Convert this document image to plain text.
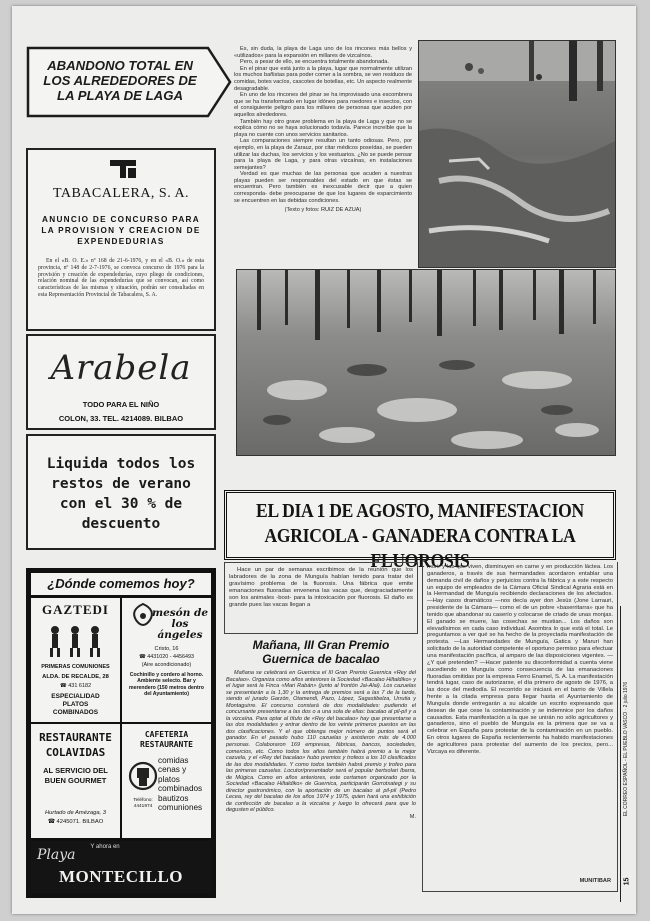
ABANDONO TOTAL EN LOS ALREDEDORES DE LA PLAYA DE LAGA
Es, sin duda, la playa de Laga uno de los rincones más bellos y «utilizados» para la expansión en millares de vizcaínos.
Pero, a pesar de ello, se encuentra totalmente abandonada.
En el pinar que está junto a la playa, lugar que normalmente utilizan los muchos bañistas para poder comer a la sombra, se ven residuos de comidas, botes vacíos, cascotes de botellas, etc. Un aspecto realmente desagradable.
En uno de los rincones del pinar se ha improvisado una escombrera que se ha transformado en lugar idóneo para roedores e insectos, con el consiguiente peligro para los millares de personas que acuden por aquellos alrededores.
También hay otro grave problema en la playa de Laga y que no se explica cómo no se haya solucionado todavía. Parece increíble que la playa no cuente con unos servicios sanitarios.
Las comparaciones siempre resultan un tanto odiosas. Pero, por ejemplo, en la playa de Zarauz, por citar médicos poseídas, se pueden utilizar las duchas, los servicios y los vestuarios. ¿No se puede pensar para la playa de Laga, y para otras vizcaínas, en instalaciones semejantes?
Verdad es que muchas de las personas que acuden a nuestras playas pueden ser responsables del estado en que éstas se encuentran. Pero también es inexcusable decir que a quien corresponda- debe preocuparse de que los lugares de esparcimiento se encuentren en las debidas condiciones.
(Texto y fotos: RUIZ DE AZUA)
TABACALERA, S. A.
ANUNCIO DE CONCURSO PARA LA PROVISION Y CREACION DE EXPENDEDURIAS
En el «B. O. E.» nº 168 de 21-6-1976, y en el «B. O.» de esta provincia, nº 148 de 2-7-1976, se convoca concurso de 1976 para la provisión y creación de expendedurías, cuyo pliego de condiciones, relación nominal de las expendedurías que se convocan, así como características de las mismas y situación, podrán ser consultadas en esta Representación Provincial de Tabacalera, S. A.
Arabela
TODO PARA EL NIÑO
COLON, 33. TEL. 4214089. BILBAO
Liquida todos los restos de verano con el 30 % de descuento
¿Dónde comemos hoy?
GAZTEDI
PRIMERAS COMUNIONES
ALDA. DE RECALDE, 28
☎ 431 6182
ESPECIALIDAD PLATOS COMBINADOS
mesón de los ángeles
Cristo, 16
☎ 4431020 - 4456493
(Aire acondicionado)
Cochinillo y cordero al horno. Ambiente selecto. Bar y merendero (150 metros dentro del Ayuntamiento)
RESTAURANTE COLAVIDAS
AL SERVICIO DEL BUEN GOURMET
Hurtado de Amézaga, 3
☎ 4245071. BILBAO
CAFETERIA RESTAURANTE
comidas cenas y platos combinados bautizos comuniones
Teléfono: 4441974
Y ahora en
Playa
MONTECILLO
EL DIA 1 DE AGOSTO, MANIFESTACION AGRICOLA - GANADERA CONTRA LA FLUOROSIS
Hace un par de semanas escribimos de la reunión que los labradores de la zona de Munguía habían tenido para tratar del gravísimo problema de la fluorosis. Una fábrica que emite emanaciones fluoradas envenena las vacas que, desgraciadamente son los animales -bost- para la intoxicación por fluorosis. El daño es grande pues las vacas llegan a
Mañana, III Gran Premio Guernica de bacalao
Mañana se celebrará en Guernica el III Gran Premio Guernica «Rey del Bacalao». Organiza como años anteriores la Sociedad «Bacalao Hiltaldiko» y el lugar será la Finca «Mari Rabán» (junto al frontón Jai-Alai). Los cazuelas se presentarán a la 1,30 y la entrega de premios será a las 7 de la tarde, siendo el jurado Garzón, Otamendi, Pazo, López, Sagastibelza, Urrutia y Montaguirre. El concurso constará de dos modalidades: pudiendo el concursante presentarse a las dos o a una sola de ellas: bacalao al pil-pil y a la vizcaína. Para optar al título de «Rey del bacalao» hay que presentarse a las dos modalidades y entrar dentro de los veinte primeros puestos en las dos clasificaciones. Y el que obtenga mejor número de puntos será el ganador. En el pasado hubo 110 cazuelas y asistieron más de 4.000 personas. Colaboraron 169 empresas, fábricas, bancos, sociedades, comercios, etc. Como todos los años también habrá premio a la mejor cazuela, y el «Rey del bacalao» hubo premios y trofeos a los 10 clasificados de las dos modalidades. Y como todos también habrá premio y trofeo para las primeras cazuelas. Locutor/presentador será el popular bertsolari Ibarra, de Múgica. Como en años anteriores, este certamen organizado por la Sociedad «Bacalao Hiltaldiko» de Guernica, participarán Gorrotxategi y su director gastronómico, con la aportación de un bacalao al pil-pil (Pedro Lecea, rey del bacalao de los años 1974 y 1975, quien hará una exhibición de confección de bacalao a la vizcaína y luego lo ofrecerá para que lo degusten el público.
M.
morir y las que viven, disminuyen en carne y en producción láctea. Los ganaderos, a través de sus hermandades acordaron entablar una demanda civil de daños y perjuicios contra la fábrica y a este respecto un equipo de empleados de la Cámara Oficial Sindical Agraria está en la Hermandad de Munguía recibiendo declaraciones de los afectados. —Hay casos dramáticos —nos decía ayer don Jesús (Jone Larrauri, presidente de la Cámara— como el de un pobre «baserritarra» que ha tenido que abandonar su caserío y colocarse de criado de unas monjas. El ganado se muere, las cosechas se mustian... Los daños son elevadísimos en cada caso individual. Asombra lo que está el total. Le preguntamos a ver qué se ha hecho de la proyectada manifestación de protesta. —Las Hermandades de Munguía, Gatica y Maruri han solicitado de la autoridad competente el oportuno permiso para efectuar una manifestación pacífica, al amparo de las disposiciones vigentes. —¿Y qué pretenden? —Hacer patente su disconformidad a cuenta viene sucediendo en Munguía como consecuencia de las emanaciones fluoradas omitidas por la empresa Ferro Enamel, S. A. La manifestación tendrá lugar, caso de autorizarse, el día primero de agosto de 1976, a las doce del mediodía. El recorrido se iniciará en el barrio de Villela frente a la citada empresa para llegar hasta el Ayuntamiento de Munguía donde entregarán a su alcalde un escrito expresando que desean de que cese la contaminación y se indemnice por los daños causados. Esta manifestación a la que se unirán no sólo agricultores y ganaderos, sino el pueblo de Munguía es la primera que se va a celebrar en España para protestar de la contaminación en un pueblo. En otros lugares de España recientemente ha habido manifestaciones de agricultores para protestar del aumento de los precios, pero... Vizcaya es diferente.
MUNITIBAR
EL CORREO ESPAÑOL - EL PUEBLO VASCO · 2 julio 1976
15
